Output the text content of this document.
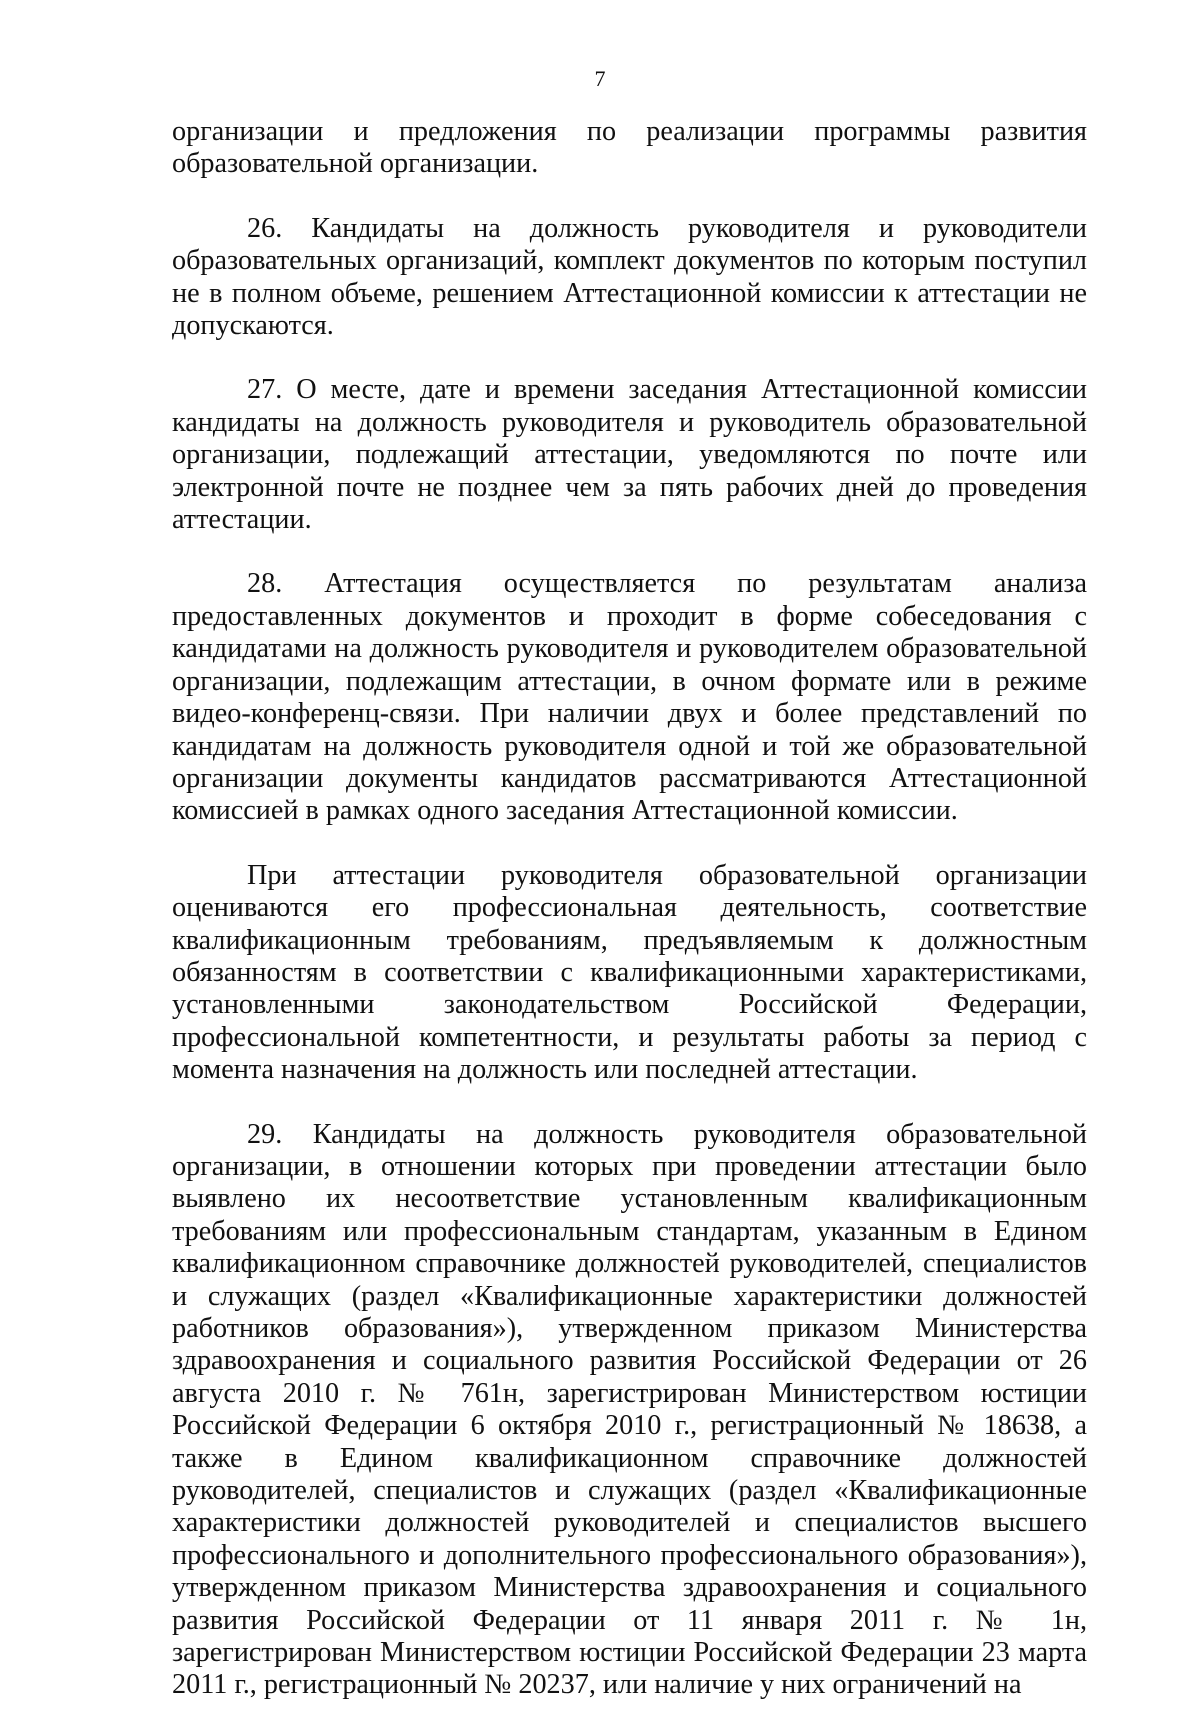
7

организации и предложения по реализации программы развития образовательной организации.

26. Кандидаты на должность руководителя и руководители образовательных организаций, комплект документов по которым поступил не в полном объеме, решением Аттестационной комиссии к аттестации не допускаются.

27. О месте, дате и времени заседания Аттестационной комиссии кандидаты на должность руководителя и руководитель образовательной организации, подлежащий аттестации, уведомляются по почте или электронной почте не позднее чем за пять рабочих дней до проведения аттестации.

28. Аттестация осуществляется по результатам анализа предоставленных документов и проходит в форме собеседования с кандидатами на должность руководителя и руководителем образовательной организации, подлежащим аттестации, в очном формате или в режиме видео-конференц-связи. При наличии двух и более представлений по кандидатам на должность руководителя одной и той же образовательной организации документы кандидатов рассматриваются Аттестационной комиссией в рамках одного заседания Аттестационной комиссии.

При аттестации руководителя образовательной организации оцениваются его профессиональная деятельность, соответствие квалификационным требованиям, предъявляемым к должностным обязанностям в соответствии с квалификационными характеристиками, установленными законодательством Российской Федерации, профессиональной компетентности, и результаты работы за период с момента назначения на должность или последней аттестации.

29. Кандидаты на должность руководителя образовательной организации, в отношении которых при проведении аттестации было выявлено их несоответствие установленным квалификационным требованиям или профессиональным стандартам, указанным в Едином квалификационном справочнике должностей руководителей, специалистов и служащих (раздел «Квалификационные характеристики должностей работников образования»), утвержденном приказом Министерства здравоохранения и социального развития Российской Федерации от 26 августа 2010 г. № 761н, зарегистрирован Министерством юстиции Российской Федерации 6 октября 2010 г., регистрационный № 18638, а также в Едином квалификационном справочнике должностей руководителей, специалистов и служащих (раздел «Квалификационные характеристики должностей руководителей и специалистов высшего профессионального и дополнительного профессионального образования»), утвержденном приказом Министерства здравоохранения и социального развития Российской Федерации от 11 января 2011 г. № 1н, зарегистрирован Министерством юстиции Российской Федерации 23 марта 2011 г., регистрационный № 20237, или наличие у них ограничений на
